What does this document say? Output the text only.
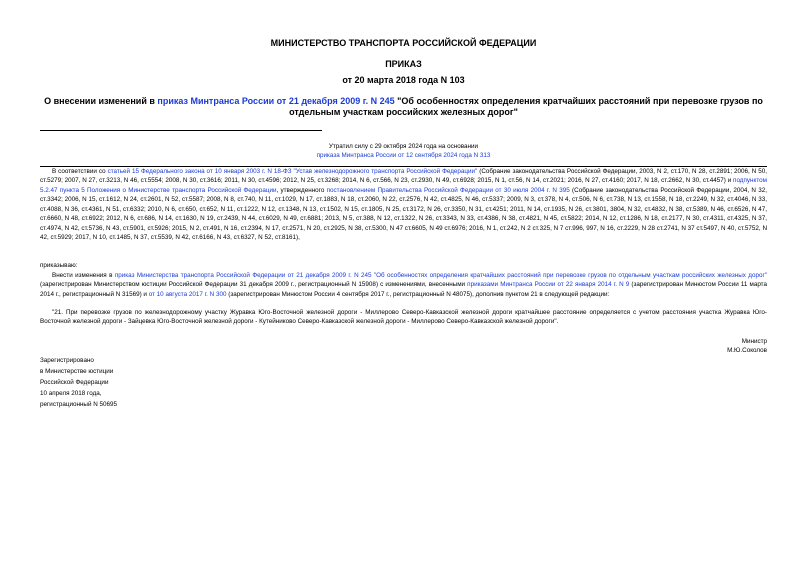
МИНИСТЕРСТВО ТРАНСПОРТА РОССИЙСКОЙ ФЕДЕРАЦИИ
ПРИКАЗ
от 20 марта 2018 года N 103
О внесении изменений в приказ Минтранса России от 21 декабря 2009 г. N 245 "Об особенностях определения кратчайших расстояний при перевозке грузов по отдельным участкам российских железных дорог"
Утратил силу с 29 октября 2024 года на основании
приказа Минтранса России от 12 сентября 2024 года N 313
В соответствии со статьей 15 Федерального закона от 10 января 2003 г. N 18-ФЗ "Устав железнодорожного транспорта Российской Федерации" (Собрание законодательства Российской Федерации, 2003, N 2, ст.170, N 28, ст.2891; 2006, N 50, ст.5279; 2007, N 27, ст.3213, N 46, ст.5554; 2008, N 30, ст.3616; 2011, N 30, ст.4596; 2012, N 25, ст.3268; 2014, N 6, ст.566, N 23, ст.2930, N 49, ст.6928; 2015, N 1, ст.56, N 14, ст.2021; 2016, N 27, ст.4160; 2017, N 18, ст.2662, N 30, ст.4457) и подпунктом 5.2.47 пункта 5 Положения о Министерстве транспорта Российской Федерации, утвержденного постановлением Правительства Российской Федерации от 30 июля 2004 г. N 395 (Собрание законодательства Российской Федерации, 2004, N 32, ст.3342; 2006, N 15, ст.1612, N 24, ст.2601, N 52, ст.5587; 2008, N 8, ст.740, N 11, ст.1029, N 17, ст.1883, N 18, ст.2060, N 22, ст.2576, N 42, ст.4825, N 46, ст.5337; 2009, N 3, ст.378, N 4, ст.506, N 6, ст.738, N 13, ст.1558, N 18, ст.2249, N 32, ст.4046, N 33, ст.4088, N 36, ст.4361, N 51, ст.6332; 2010, N 6, ст.650, ст.652, N 11, ст.1222, N 12, ст.1348, N 13, ст.1502, N 15, ст.1805, N 25, ст.3172, N 26, ст.3350, N 31, ст.4251; 2011, N 14, ст.1935, N 26, ст.3801, 3804, N 32, ст.4832, N 38, ст.5389, N 46, ст.6526, N 47, ст.6660, N 48, ст.6922; 2012, N 6, ст.686, N 14, ст.1630, N 19, ст.2439, N 44, ст.6029, N 49, ст.6881; 2013, N 5, ст.388, N 12, ст.1322, N 26, ст.3343, N 33, ст.4386, N 38, ст.4821, N 45, ст.5822; 2014, N 12, ст.1286, N 18, ст.2177, N 30, ст.4311, ст.4325, N 37, ст.4974, N 42, ст.5736, N 43, ст.5901, ст.5926; 2015, N 2, ст.491, N 16, ст.2394, N 17, ст.2571, N 20, ст.2925, N 38, ст.5300, N 47 ст.6605, N 49 ст.6976; 2016, N 1, ст.242, N 2 ст.325, N 7 ст.996, 997, N 16, ст.2229, N 28 ст.2741, N 37 ст.5497, N 40, ст.5752, N 42, ст.5929; 2017, N 10, ст.1485, N 37, ст.5539, N 42, ст.6166, N 43, ст.6327, N 52, ст.8161),
приказываю:
Внести изменения в приказ Министерства транспорта Российской Федерации от 21 декабря 2009 г. N 245 "Об особенностях определения кратчайших расстояний при перевозке грузов по отдельным участкам российских железных дорог" (зарегистрирован Министерством юстиции Российской Федерации 31 декабря 2009 г., регистрационный N 15908) с изменениями, внесенными приказами Минтранса России от 22 января 2014 г. N 9 (зарегистрирован Минюстом России 11 марта 2014 г., регистрационный N 31569) и от 10 августа 2017 г. N 300 (зарегистрирован Минюстом России 4 сентября 2017 г., регистрационный N 48075), дополнив пунктом 21 в следующей редакции:
"21. При перевозке грузов по железнодорожному участку Журавка Юго-Восточной железной дороги - Миллерово Северо-Кавказской железной дороги кратчайшее расстояние определяется с учетом расстояния участка Журавка Юго-Восточной железной дороги - Зайцевка Юго-Восточной железной дороги - Кутейниково Северо-Кавказской железной дороги - Миллерово Северо-Кавказской железной дороги".
Министр
М.Ю.Соколов
Зарегистрировано
в Министерстве юстиции
Российской Федерации
10 апреля 2018 года,
регистрационный N 50695
